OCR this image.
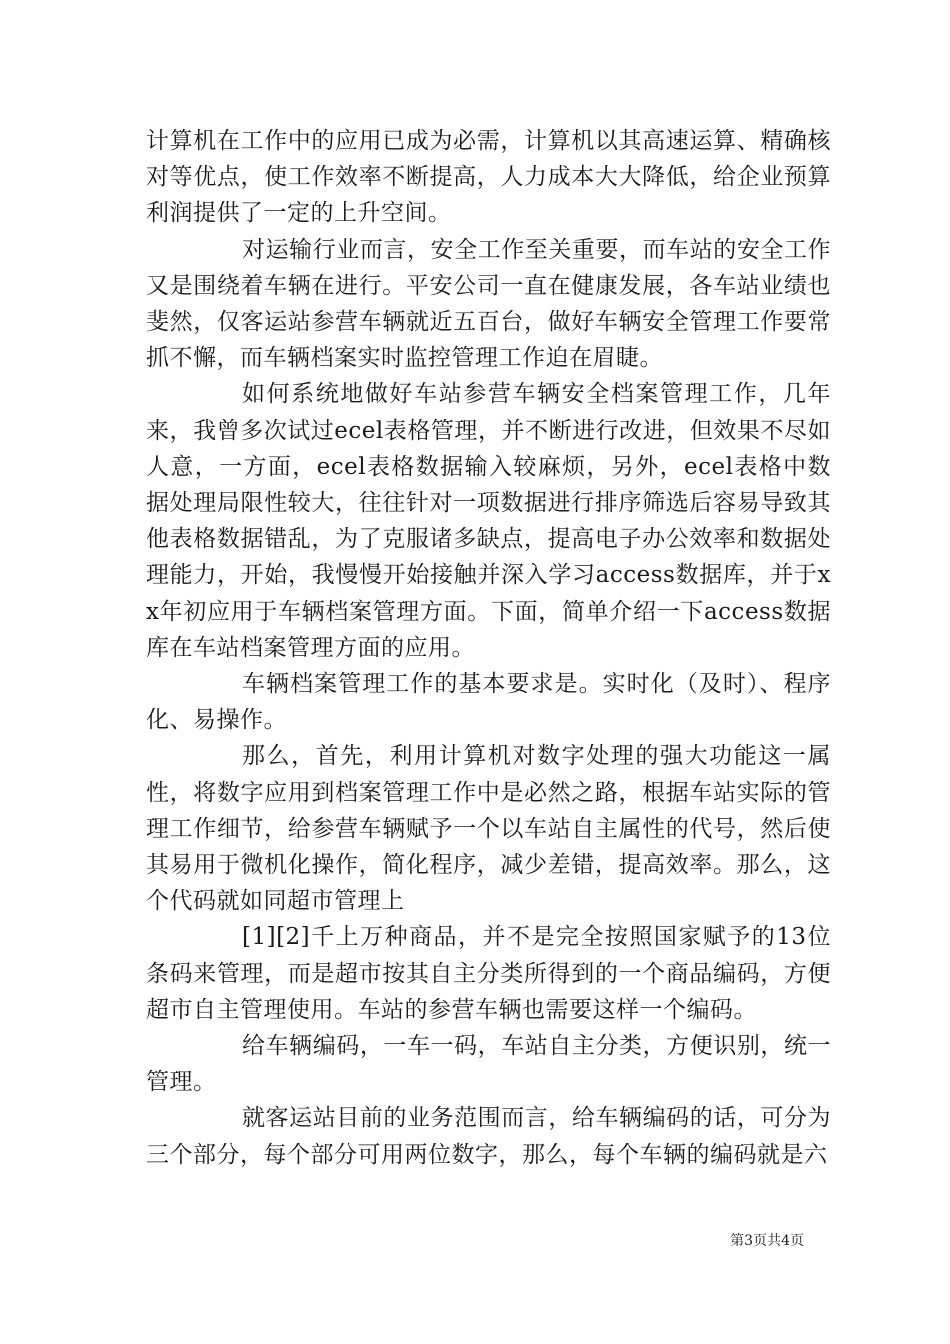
计算机在工作中的应用已成为必需，计算机以其高速运算、精确核对等优点，使工作效率不断提高，人力成本大大降低，给企业预算利润提供了一定的上升空间。

对运输行业而言，安全工作至关重要，而车站的安全工作又是围绕着车辆在进行。平安公司一直在健康发展，各车站业绩也斐然，仅客运站参营车辆就近五百台，做好车辆安全管理工作要常抓不懈，而车辆档案实时监控管理工作迫在眉睫。

如何系统地做好车站参营车辆安全档案管理工作，几年来，我曾多次试过ecel表格管理，并不断进行改进，但效果不尽如人意，一方面，ecel表格数据输入较麻烦，另外，ecel表格中数据处理局限性较大，往往针对一项数据进行排序筛选后容易导致其他表格数据错乱，为了克服诸多缺点，提高电子办公效率和数据处理能力，开始，我慢慢开始接触并深入学习access数据库，并于xx年初应用于车辆档案管理方面。下面，简单介绍一下access数据库在车站档案管理方面的应用。

车辆档案管理工作的基本要求是。实时化（及时）、程序化、易操作。

那么，首先，利用计算机对数字处理的强大功能这一属性，将数字应用到档案管理工作中是必然之路，根据车站实际的管理工作细节，给参营车辆赋予一个以车站自主属性的代号，然后使其易用于微机化操作，简化程序，减少差错，提高效率。那么，这个代码就如同超市管理上

[1][2]千上万种商品，并不是完全按照国家赋予的13位条码来管理，而是超市按其自主分类所得到的一个商品编码，方便超市自主管理使用。车站的参营车辆也需要这样一个编码。

给车辆编码，一车一码，车站自主分类，方便识别，统一管理。

就客运站目前的业务范围而言，给车辆编码的话，可分为三个部分，每个部分可用两位数字，那么，每个车辆的编码就是六

第3页共4页
